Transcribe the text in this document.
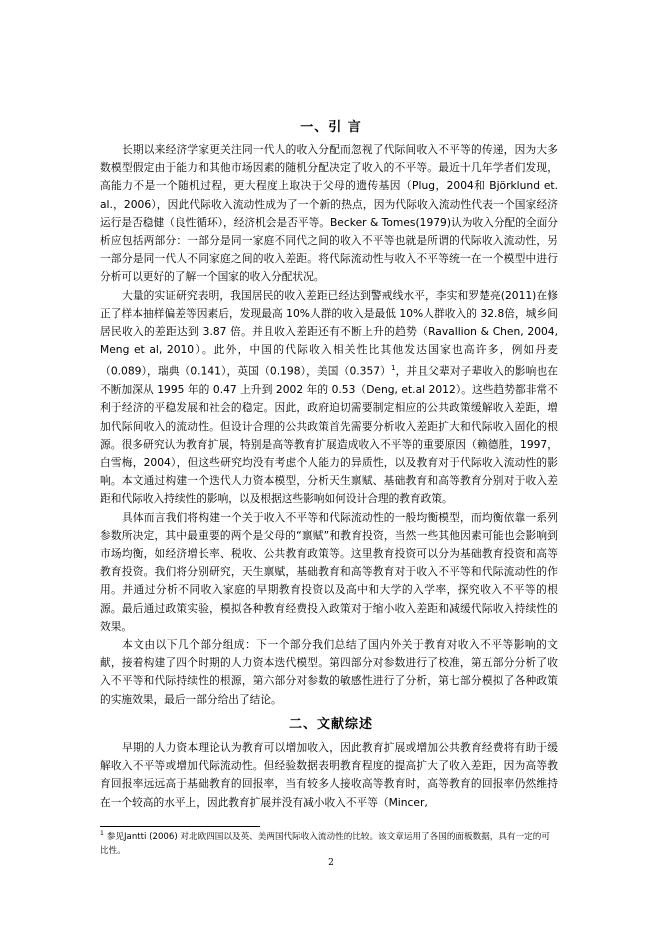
一、引 言

长期以来经济学家更关注同一代人的收入分配而忽视了代际间收入不平等的传递，因为大多数模型假定由于能力和其他市场因素的随机分配决定了收入的不平等。最近十几年学者们发现，高能力不是一个随机过程，更大程度上取决于父母的遗传基因（Plug，2004和 Björklund et. al.，2006），因此代际收入流动性成为了一个新的热点，因为代际收入流动性代表一个国家经济运行是否稳健（良性循环），经济机会是否平等。Becker & Tomes(1979)认为收入分配的全面分析应包括两部分：一部分是同一家庭不同代之间的收入不平等也就是所谓的代际收入流动性，另一部分是同一代人不同家庭之间的收入差距。将代际流动性与收入不平等统一在一个模型中进行分析可以更好的了解一个国家的收入分配状况。

大量的实证研究表明，我国居民的收入差距已经达到警戒线水平，李实和罗楚亮(2011)在修正了样本抽样偏差等因素后，发现最高 10%人群的收入是最低 10%人群收入的 32.8倍，城乡间居民收入的差距达到 3.87 倍。并且收入差距还有不断上升的趋势（Ravallion & Chen, 2004, Meng et al, 2010）。此外，中国的代际收入相关性比其他发达国家也高许多，例如丹麦（0.089），瑞典（0.141），英国（0.198），美国$(0.357)^1$，并且父辈对子辈收入的影响也在不断加深从 1995 年的 0.47 上升到 2002 年的 0.53（Deng, et.al 2012）。这些趋势都非常不利于经济的平稳发展和社会的稳定。因此，政府迫切需要制定相应的公共政策缓解收入差距，增加代际间收入的流动性。但设计合理的公共政策首先需要分析收入差距扩大和代际收入固化的根源。很多研究认为教育扩展，特别是高等教育扩展造成收入不平等的重要原因（赖德胜，1997，白雪梅，2004），但这些研究均没有考虑个人能力的异质性，以及教育对于代际收入流动性的影响。本文通过构建一个迭代人力资本模型，分析天生禀赋、基础教育和高等教育分别对于收入差距和代际收入持续性的影响，以及根据这些影响如何设计合理的教育政策。

具体而言我们将构建一个关于收入不平等和代际流动性的一般均衡模型，而均衡依靠一系列参数所决定，其中最重要的两个是父母的“禀赋”和教育投资，当然一些其他因素可能也会影响到市场均衡，如经济增长率、税收、公共教育政策等。这里教育投资可以分为基础教育投资和高等教育投资。我们将分别研究，天生禀赋，基础教育和高等教育对于收入不平等和代际流动性的作用。并通过分析不同收入家庭的早期教育投资以及高中和大学的入学率，探究收入不平等的根源。最后通过政策实验，模拟各种教育经费投入政策对于缩小收入差距和减缓代际收入持续性的效果。

本文由以下几个部分组成：下一个部分我们总结了国内外关于教育对收入不平等影响的文献，接着构建了四个时期的人力资本迭代模型。第四部分对参数进行了校准，第五部分分析了收入不平等和代际持续性的根源，第六部分对参数的敏感性进行了分析，第七部分模拟了各种政策的实施效果，最后一部分给出了结论。

二、文献综述

早期的人力资本理论认为教育可以增加收入，因此教育扩展或增加公共教育经费将有助于缓解收入不平等或增加代际流动性。但经验数据表明教育程度的提高扩大了收入差距，因为高等教育回报率远远高于基础教育的回报率，当有较多人接收高等教育时，高等教育的回报率仍然维持在一个较高的水平上，因此教育扩展并没有减小收入不平等（Mincer,

$^1$ 参见Jantti (2006) 对北欧四国以及英、美两国代际收入流动性的比较。该文章运用了各国的面板数据，具有一定的可比性。
2
